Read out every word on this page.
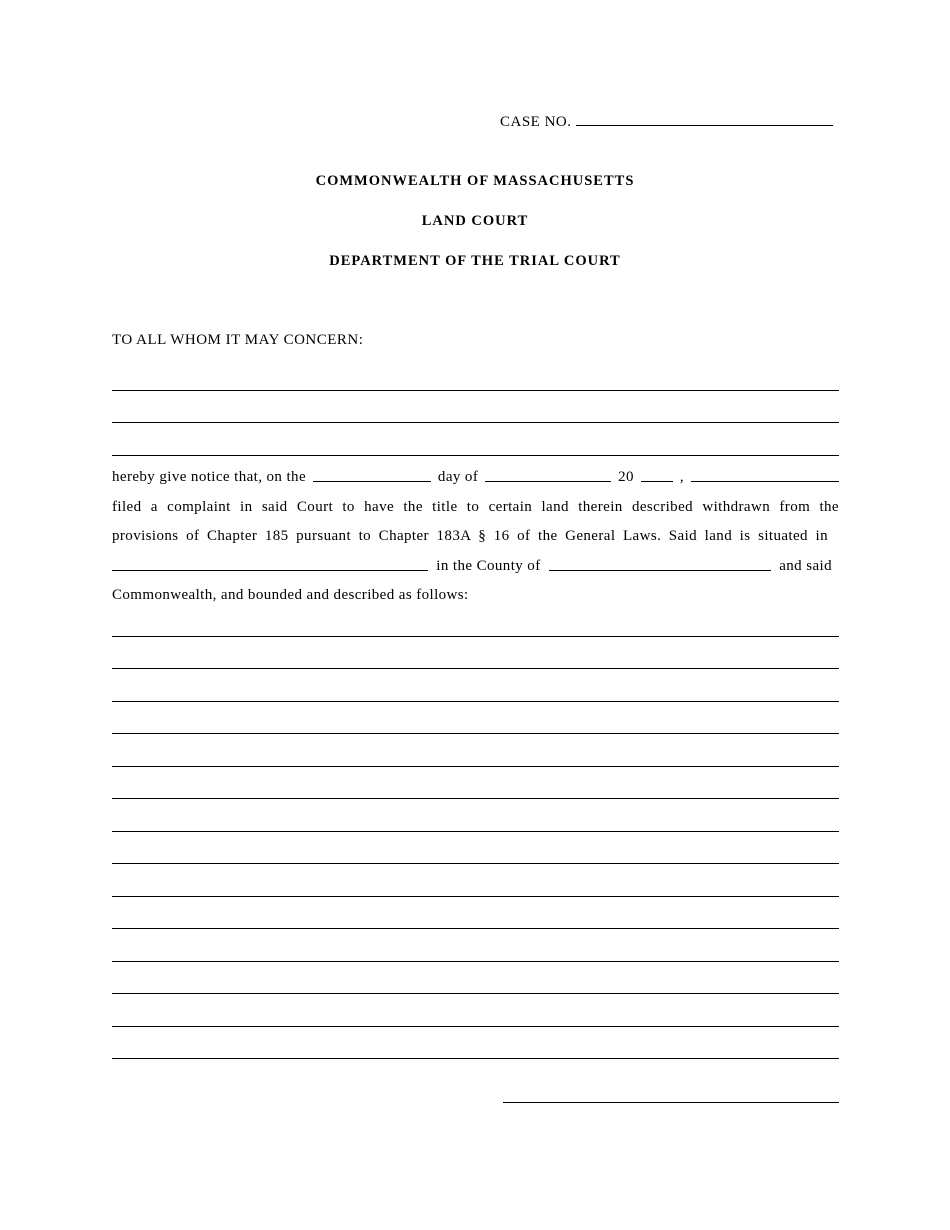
CASE NO.
COMMONWEALTH OF MASSACHUSETTS
LAND COURT
DEPARTMENT OF THE TRIAL COURT
TO ALL WHOM IT MAY CONCERN:
hereby give notice that, on the	day of	20	,
filed a complaint in said Court to have the title to certain land therein described withdrawn from the
provisions of Chapter 185 pursuant to Chapter 183A § 16 of the General Laws. Said land is situated in
in the County of	and said
Commonwealth, and bounded and described as follows:
